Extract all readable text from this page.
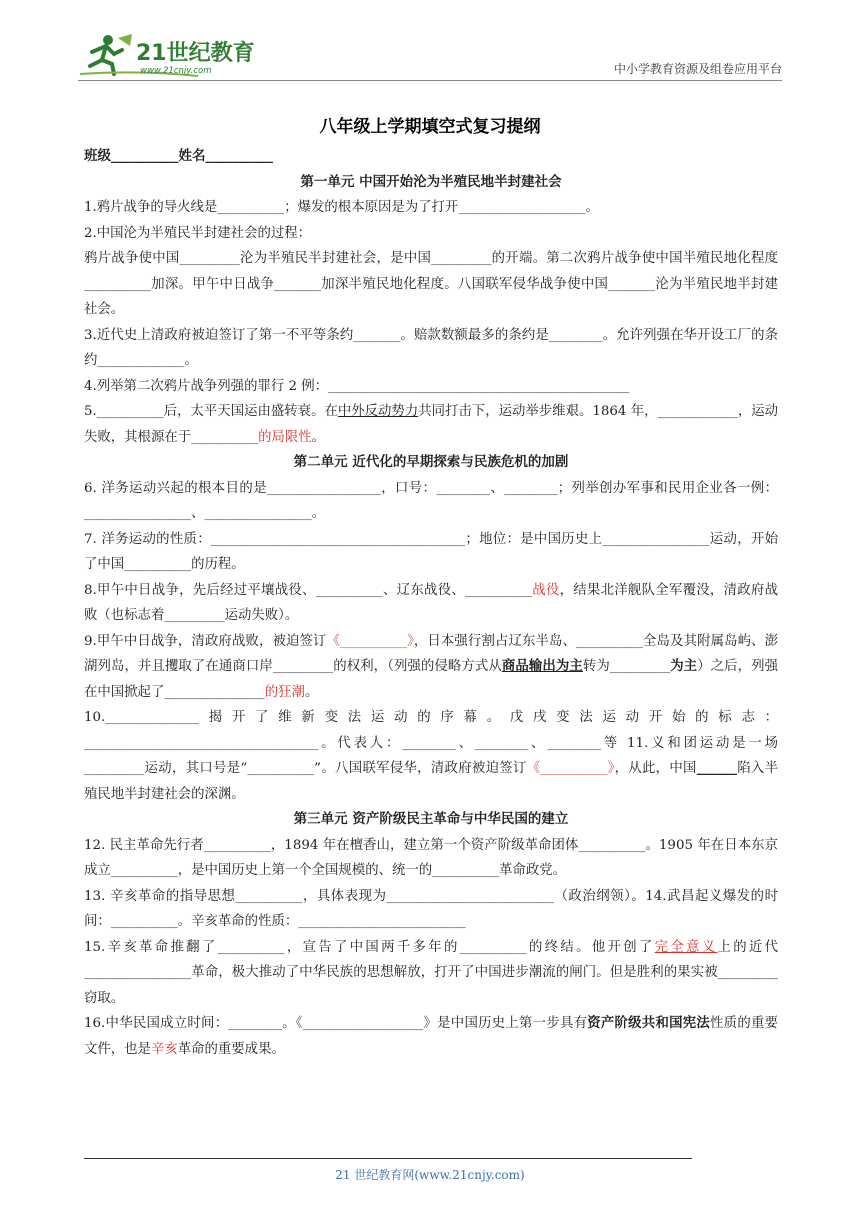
21世纪教育
www.21cnjy.com	中小学教育资源及组卷应用平台
八年级上学期填空式复习提纲

班级__________姓名__________

第一单元 中国开始沦为半殖民地半封建社会

1.鸦片战争的导火线是__________；爆发的根本原因是为了打开___________________。

2.中国沦为半殖民半封建社会的过程：

鸦片战争使中国_________沦为半殖民半封建社会，是中国_________的开端。第二次鸦片战争使中国半殖民地化程度__________加深。甲午中日战争_______加深半殖民地化程度。八国联军侵华战争使中国_______沦为半殖民地半封建社会。

3.近代史上清政府被迫签订了第一不平等条约_______。赔款数额最多的条约是________。允许列强在华开设工厂的条约_____________。

4.列举第二次鸦片战争列强的罪行 2 例：_____________________________________________

5.__________后，太平天国运由盛转衰。在中外反动势力共同打击下，运动举步维艰。1864 年，____________，运动失败，其根源在于__________的局限性。

第二单元 近代化的早期探索与民族危机的加剧

6. 洋务运动兴起的根本目的是_________________，口号：________、________；列举创办军事和民用企业各一例：________________、________________。

7. 洋务运动的性质：______________________________________；地位：是中国历史上________________运动，开始了中国__________的历程。

8.甲午中日战争，先后经过平壤战役、__________、辽东战役、__________战役，结果北洋舰队全军覆没，清政府战败（也标志着_________运动失败）。

9.甲午中日战争，清政府战败，被迫签订《__________》，日本强行割占辽东半岛、__________全岛及其附属岛屿、澎湖列岛，并且攫取了在通商口岸_________的权利，（列强的侵略方式从商品输出为主转为_________为主）之后，列强在中国掀起了_______________的狂潮。

10.______________揭开了维新变法运动的序幕。戊戌变法运动开始的标志：

___________________________________。代表人：________、________、________等 11.义和团运动是一场_________运动，其口号是“__________”。八国联军侵华，清政府被迫签订《__________》，从此，中国______陷入半殖民地半封建社会的深渊。

第三单元 资产阶级民主革命与中华民国的建立

12. 民主革命先行者__________，1894 年在檀香山，建立第一个资产阶级革命团体__________。1905 年在日本东京成立__________，是中国历史上第一个全国规模的、统一的__________革命政党。

13. 辛亥革命的指导思想__________，具体表现为_________________________（政治纲领）。14.武昌起义爆发的时间：__________。辛亥革命的性质：_________________________

15.辛亥革命推翻了__________，宣告了中国两千多年的__________的终结。他开创了完全意义上的近代________________革命，极大推动了中华民族的思想解放，打开了中国进步潮流的闸门。但是胜利的果实被_________窃取。

16.中华民国成立时间：________。《__________________》是中国历史上第一步具有资产阶级共和国宪法性质的重要文件，也是辛亥革命的重要成果。

21 世纪教育网(www.21cnjy.com)
